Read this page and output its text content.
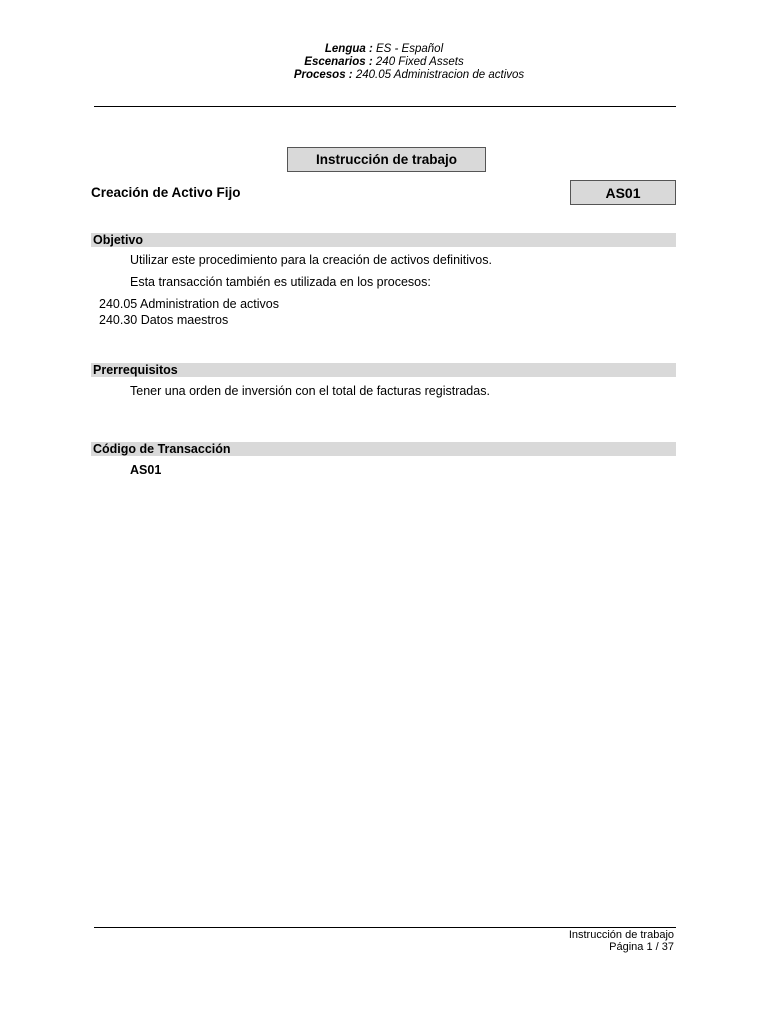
Lengua : ES - Español
Escenarios : 240 Fixed Assets
Procesos : 240.05 Administracion de activos
Instrucción de trabajo
Creación de Activo Fijo	AS01
Objetivo
Utilizar este procedimiento para la creación de activos definitivos.
Esta transacción también es utilizada en los procesos:
240.05 Administration de activos
240.30 Datos maestros
Prerrequisitos
Tener una orden de inversión con el total de facturas registradas.
Código de Transacción
AS01
Instrucción de trabajo
Página 1 / 37
